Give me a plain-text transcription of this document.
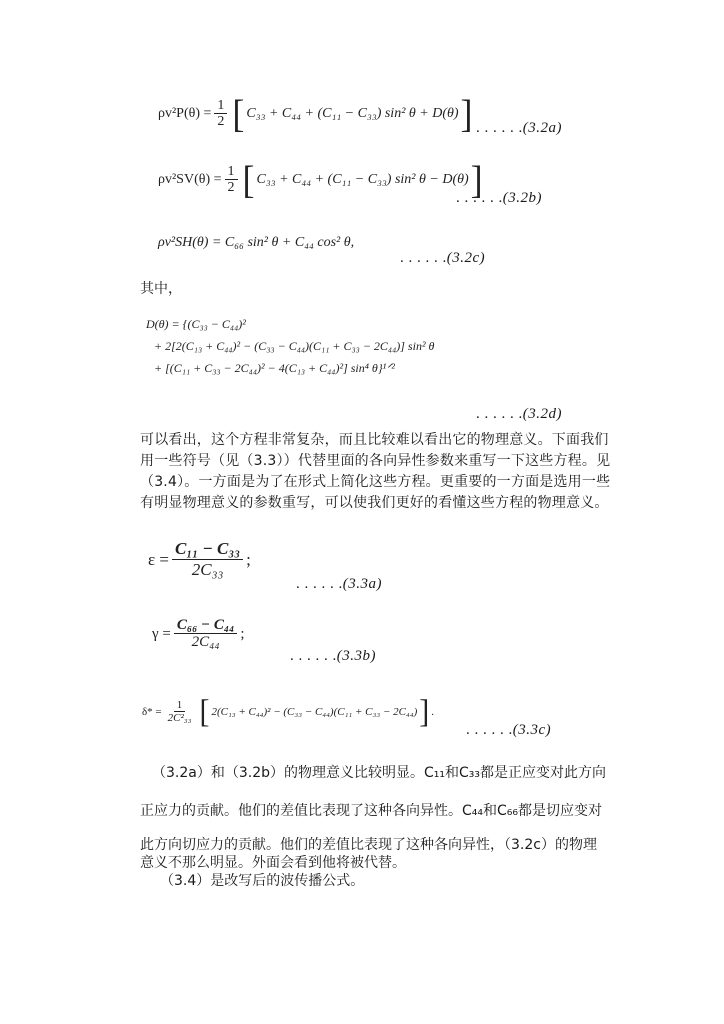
$\rho v^2P(\theta) = \frac{1}{2}$ [ C₃₃ + C₄₄ + (C₁₁ − C₃₃) sin² θ + D(θ) ] . . . . . .(3.2a)
$\rho v^2SV(\theta) = \frac{1}{2}$ [ C₃₃ + C₄₄ + (C₁₁ − C₃₃) sin² θ − D(θ) ]
. . . . . .(3.2b)
ρv²SH(θ) = C₆₆ sin² θ + C₄₄ cos² θ,
. . . . . .(3.2c)
其中，
D(θ) = {(C₃₃ − C₄₄)²
+ 2[2(C₁₃ + C₄₄)² − (C₃₃ − C₄₄)(C₁₁ + C₃₃ − 2C₄₄)] sin² θ
+ [(C₁₁ + C₃₃ − 2C₄₄)² − 4(C₁₃ + C₄₄)²] sin⁴ θ}¹ᐟ²
. . . . . .(3.2d)
可以看出，这个方程非常复杂，而且比较难以看出它的物理意义。下面我们用一些符号（见（3.3））代替里面的各向异性参数来重写一下这些方程。见（3.4）。一方面是为了在形式上简化这些方程。更重要的一方面是选用一些有明显物理意义的参数重写，可以使我们更好的看懂这些方程的物理意义。
$\varepsilon = \frac{\text{C₁₁ − C₃₃}}{\text{2C₃₃}}$ ;
. . . . . .(3.3a)
$\gamma = \frac{\text{C₆₆ − C₄₄}}{\text{2C₄₄}}$ ;
. . . . . .(3.3b)
$\delta* = \frac{1}{\text{2C²₃₃}}$ [ 2(C₁₃ + C₄₄)² − (C₃₃ − C₄₄)(C₁₁ + C₃₃ − 2C₄₄) ] .
. . . . . .(3.3c)
（3.2a）和（3.2b）的物理意义比较明显。C₁₁和C₃₃都是正应变对此方向
正应力的贡献。他们的差值比表现了这种各向异性。C₄₄和C₆₆都是切应变对
此方向切应力的贡献。他们的差值比表现了这种各向异性，（3.2c）的物理
意义不那么明显。外面会看到他将被代替。
（3.4）是改写后的波传播公式。
